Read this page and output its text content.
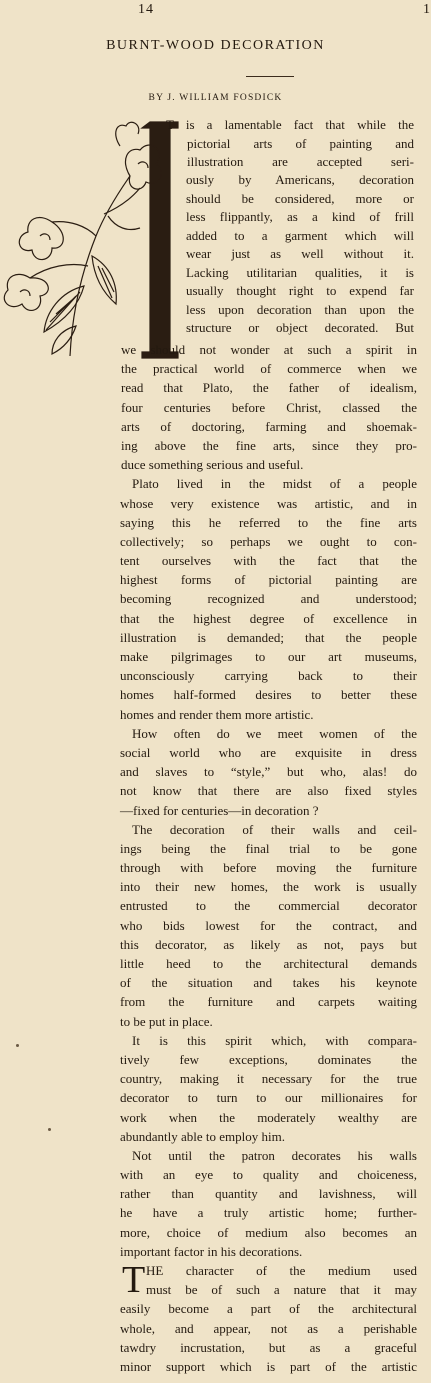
14	1
BURNT-WOOD DECORATION
BY J. WILLIAM FOSDICK
T is a lamentable fact that while the
pictorial arts of painting and
illustration are accepted seri-
ously by Americans, decoration
should be considered, more or
less flippantly, as a kind of frill
added to a garment which will
wear just as well without it.
Lacking utilitarian qualities, it is
usually thought right to expend far
less upon decoration than upon the
structure or object decorated. But
we should not wonder at such a spirit in
the practical world of commerce when we
read that Plato, the father of idealism,
four centuries before Christ, classed the
arts of doctoring, farming and shoemak-
ing above the fine arts, since they pro-
duce something serious and useful.
Plato lived in the midst of a people
whose very existence was artistic, and in
saying this he referred to the fine arts
collectively; so perhaps we ought to con-
tent ourselves with the fact that the
highest forms of pictorial painting are
becoming recognized and understood;
that the highest degree of excellence in
illustration is demanded; that the people
make pilgrimages to our art museums,
unconsciously carrying back to their
homes half-formed desires to better these
homes and render them more artistic.
How often do we meet women of the
social world who are exquisite in dress
and slaves to “style,” but who, alas! do
not know that there are also fixed styles
—fixed for centuries—in decoration ?
The decoration of their walls and ceil-
ings being the final trial to be gone
through with before moving the furniture
into their new homes, the work is usually
entrusted to the commercial decorator
who bids lowest for the contract, and
this decorator, as likely as not, pays but
little heed to the architectural demands
of the situation and takes his keynote
from the furniture and carpets waiting
to be put in place.
It is this spirit which, with compara-
tively few exceptions, dominates the
country, making it necessary for the true
decorator to turn to our millionaires for
work when the moderately wealthy are
abundantly able to employ him.
Not until the patron decorates his walls
with an eye to quality and choiceness,
rather than quantity and lavishness, will
he have a truly artistic home; further-
more, choice of medium also becomes an
important factor in his decorations.
T HE character of the medium used
must be of such a nature that it may
easily become a part of the architectural
whole, and appear, not as a perishable
tawdry incrustation, but as a graceful
minor support which is part of the artistic
